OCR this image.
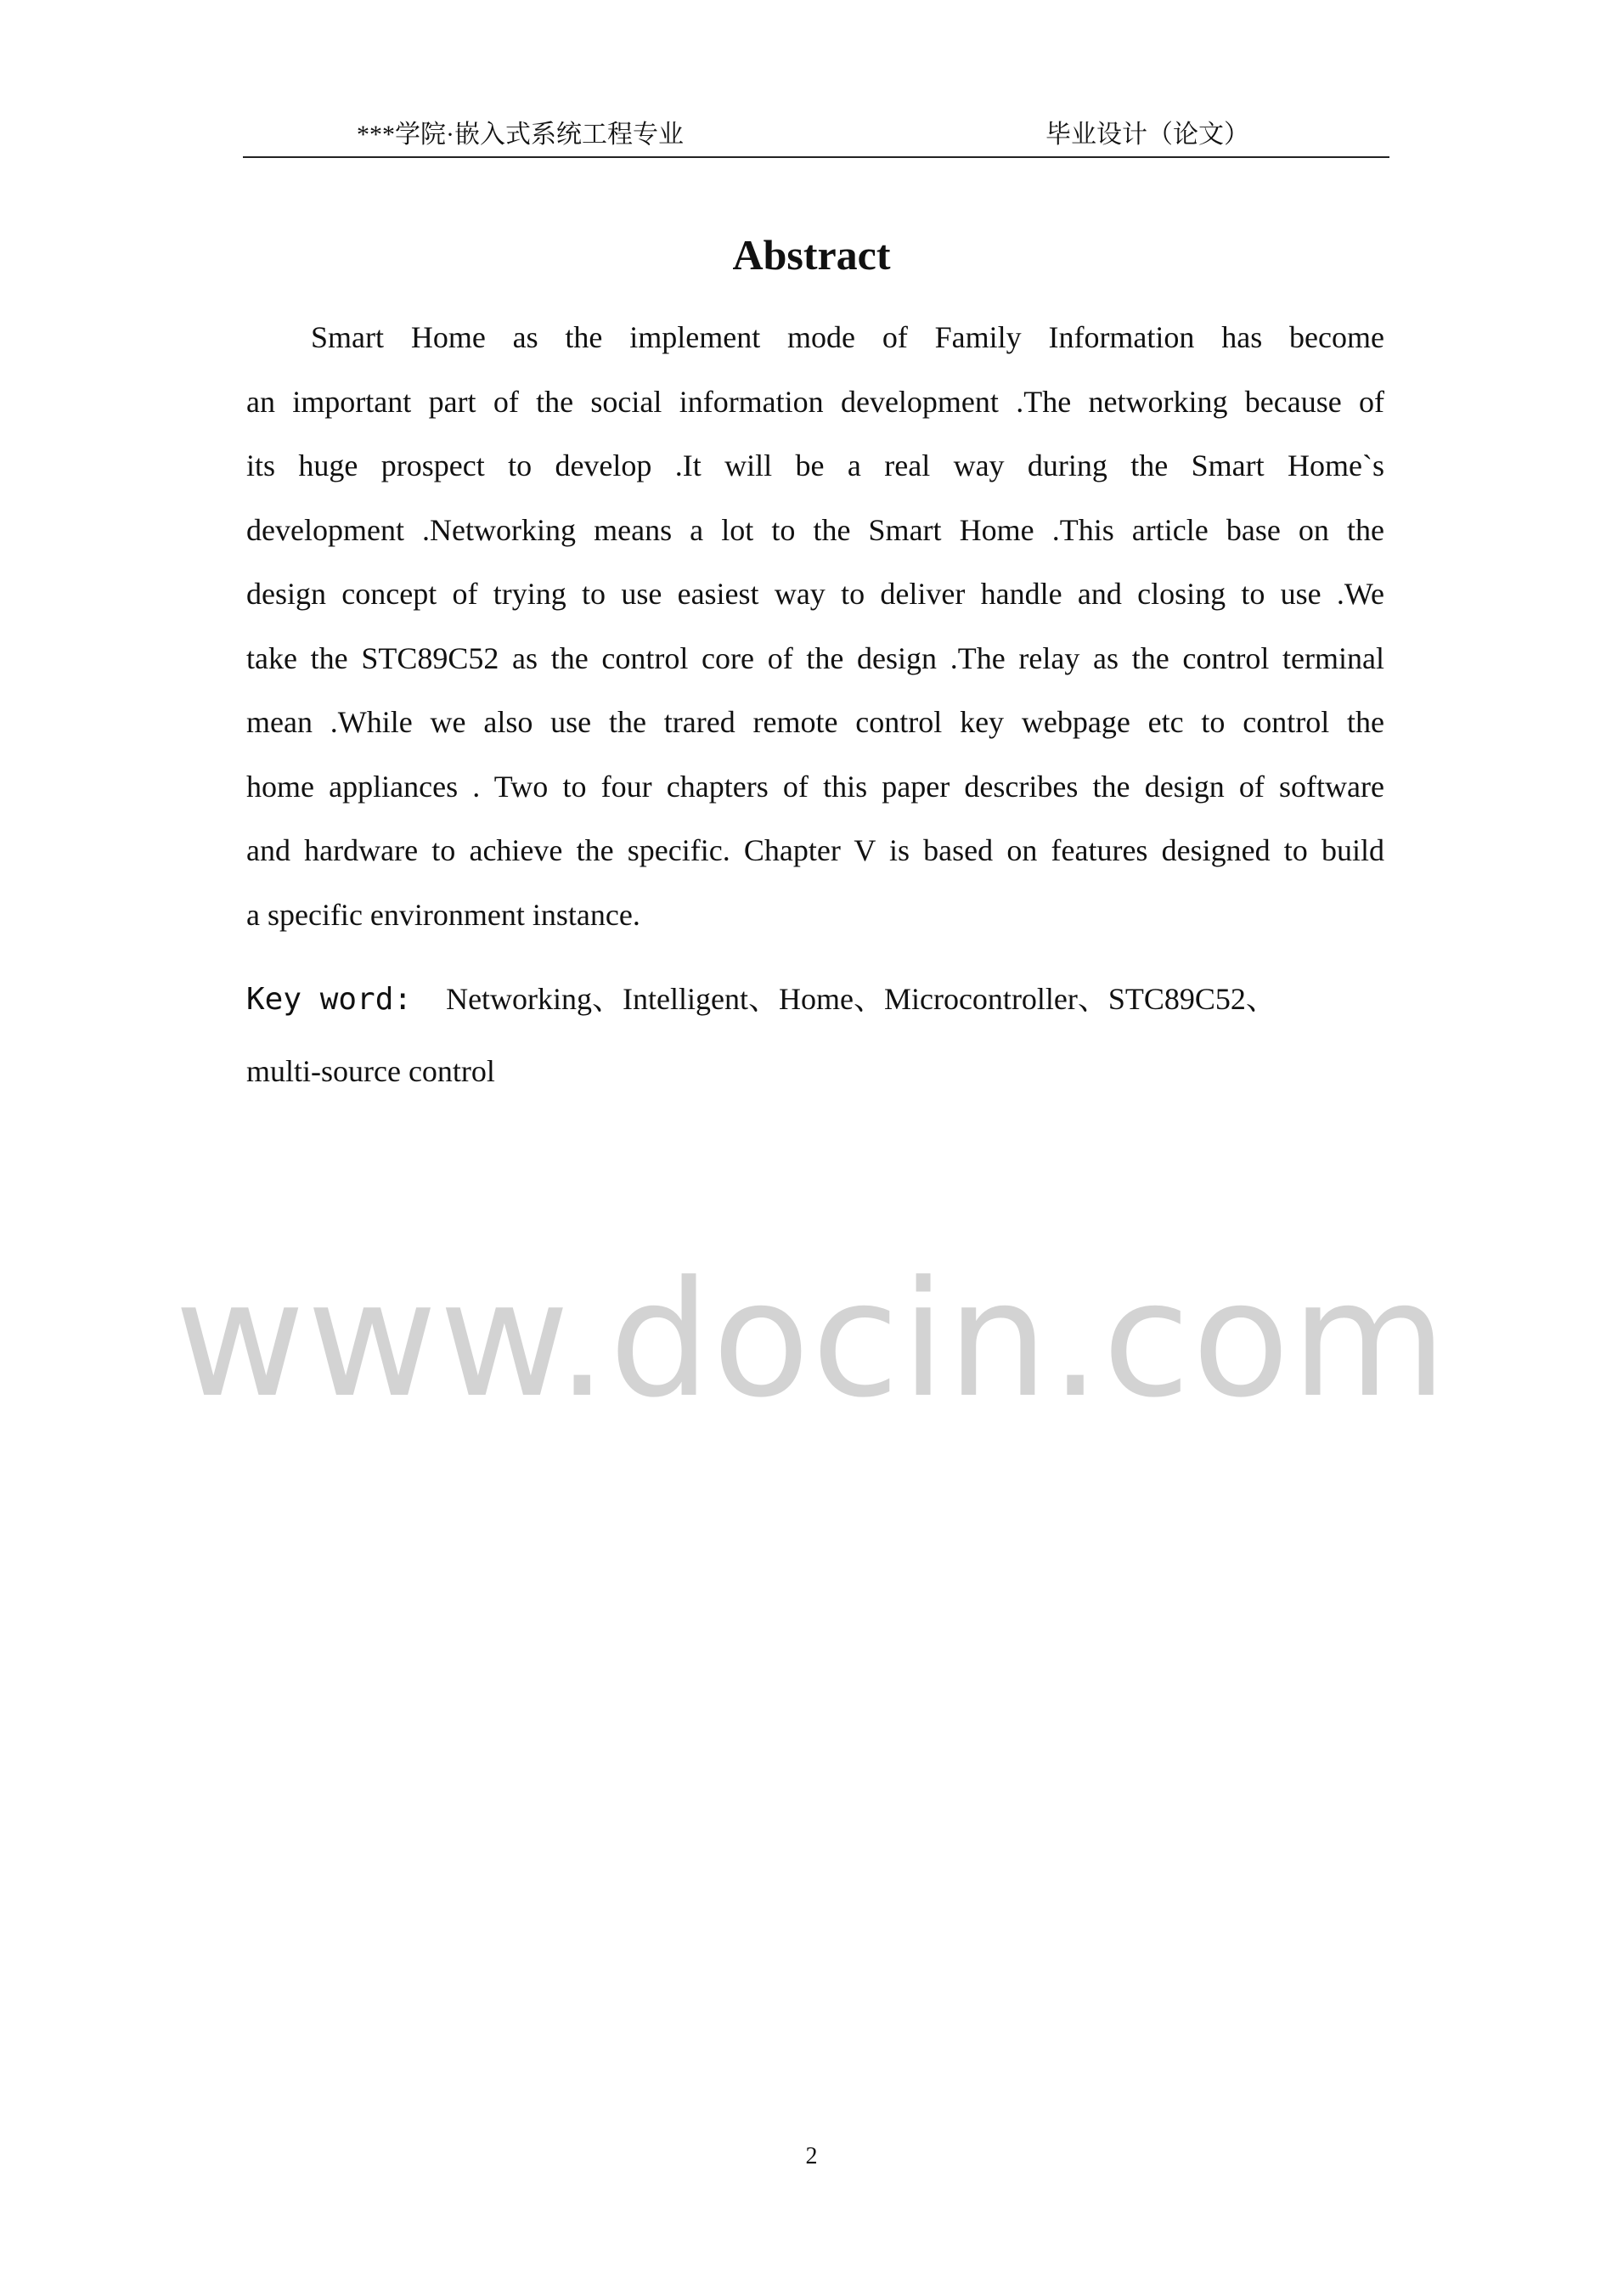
***学院·嵌入式系统工程专业	毕业设计（论文）
Abstract
Smart Home as the implement mode of Family Information has become
an important part of the social information development .The networking because of
its huge prospect to develop .It will be a real way during the Smart Home`s
development .Networking means a lot to the Smart Home .This article base on the
design concept of trying to use easiest way to deliver handle and closing to use .We
take the STC89C52 as the control core of the design .The relay as the control terminal
mean .While we also use the trared remote control key webpage etc to control the
home appliances . Two to four chapters of this paper describes the design of software
and hardware to achieve the specific. Chapter V is based on features designed to build
a specific environment instance.
Key word: Networking、Intelligent、Home、Microcontroller、STC89C52、
multi-source control
www.docin.com
2
